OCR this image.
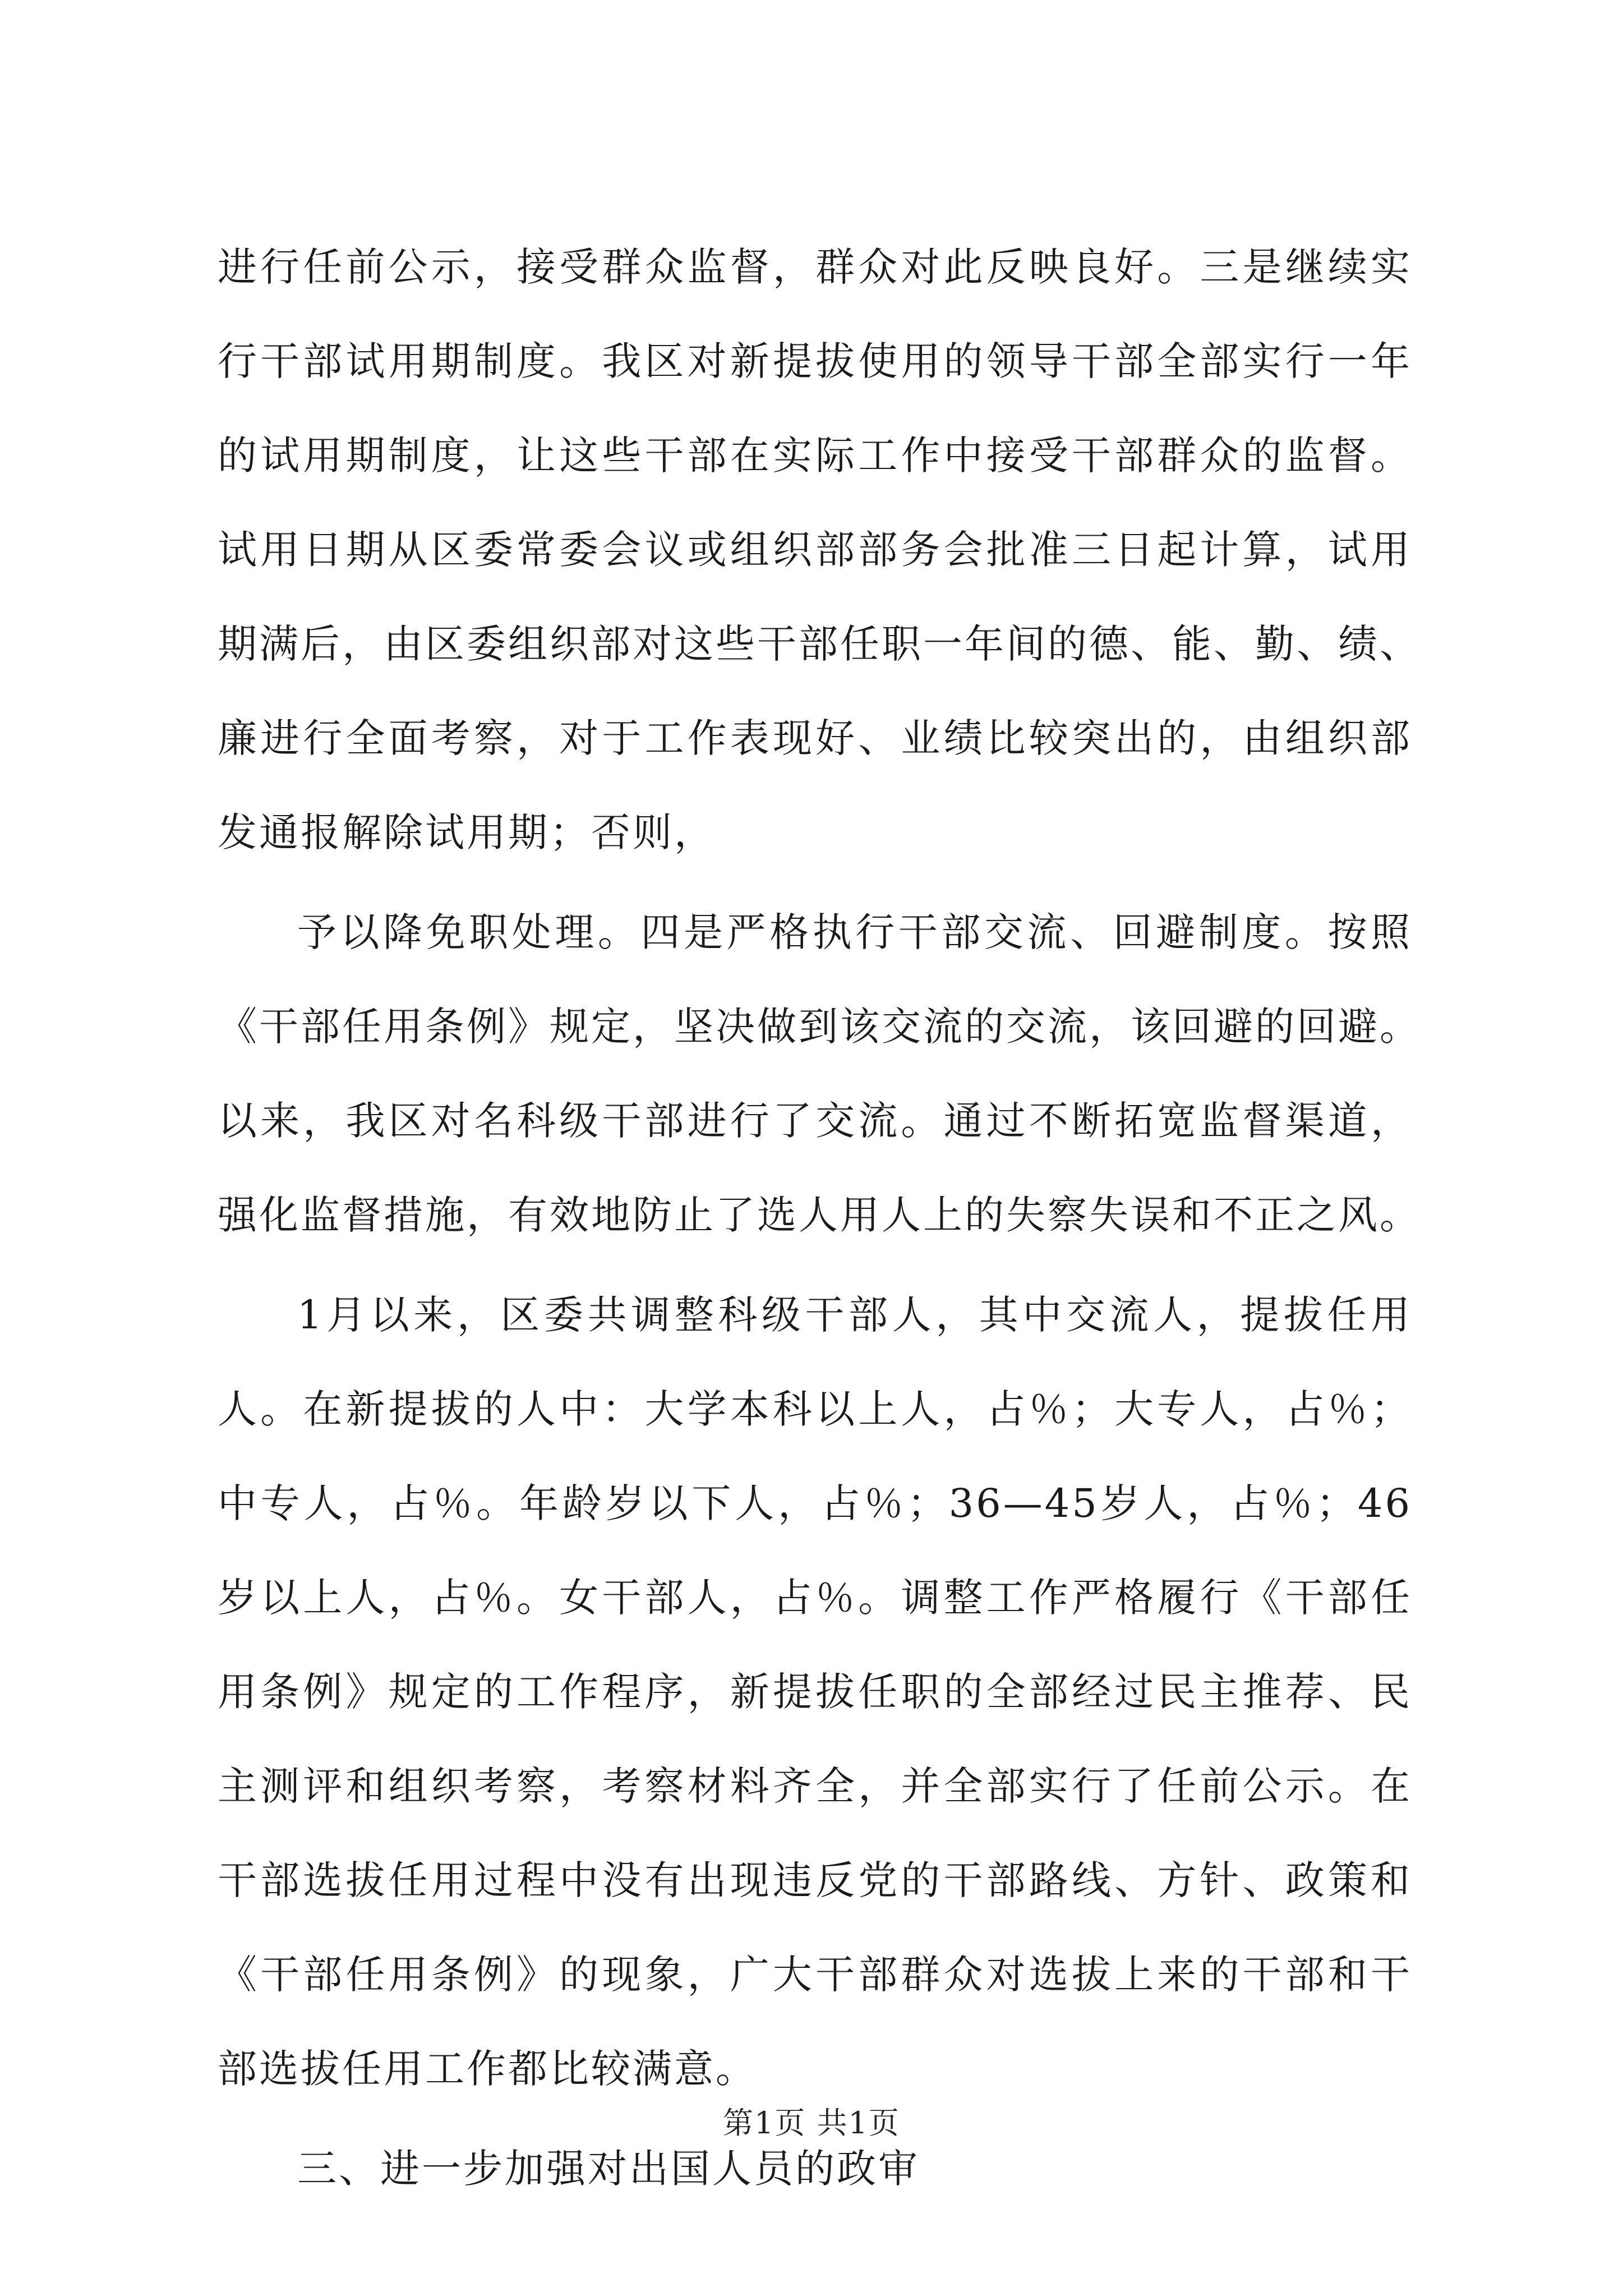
进行任前公示，接受群众监督，群众对此反映良好。三是继续实
行干部试用期制度。我区对新提拔使用的领导干部全部实行一年
的试用期制度，让这些干部在实际工作中接受干部群众的监督。
试用日期从区委常委会议或组织部部务会批准三日起计算，试用
期满后，由区委组织部对这些干部任职一年间的德、能、勤、绩、
廉进行全面考察，对于工作表现好、业绩比较突出的，由组织部
发通报解除试用期；否则，
予以降免职处理。四是严格执行干部交流、回避制度。按照
《干部任用条例》规定，坚决做到该交流的交流，该回避的回避。
以来，我区对名科级干部进行了交流。通过不断拓宽监督渠道，
强化监督措施，有效地防止了选人用人上的失察失误和不正之风。
1月以来，区委共调整科级干部人，其中交流人，提拔任用
人。在新提拔的人中：大学本科以上人，占％；大专人，占％；
中专人，占％。年龄岁以下人，占％；36—45岁人，占％；46
岁以上人，占％。女干部人，占％。调整工作严格履行《干部任
用条例》规定的工作程序，新提拔任职的全部经过民主推荐、民
主测评和组织考察，考察材料齐全，并全部实行了任前公示。在
干部选拔任用过程中没有出现违反党的干部路线、方针、政策和
《干部任用条例》的现象，广大干部群众对选拔上来的干部和干
部选拔任用工作都比较满意。
三、进一步加强对出国人员的政审
第1页 共1页
